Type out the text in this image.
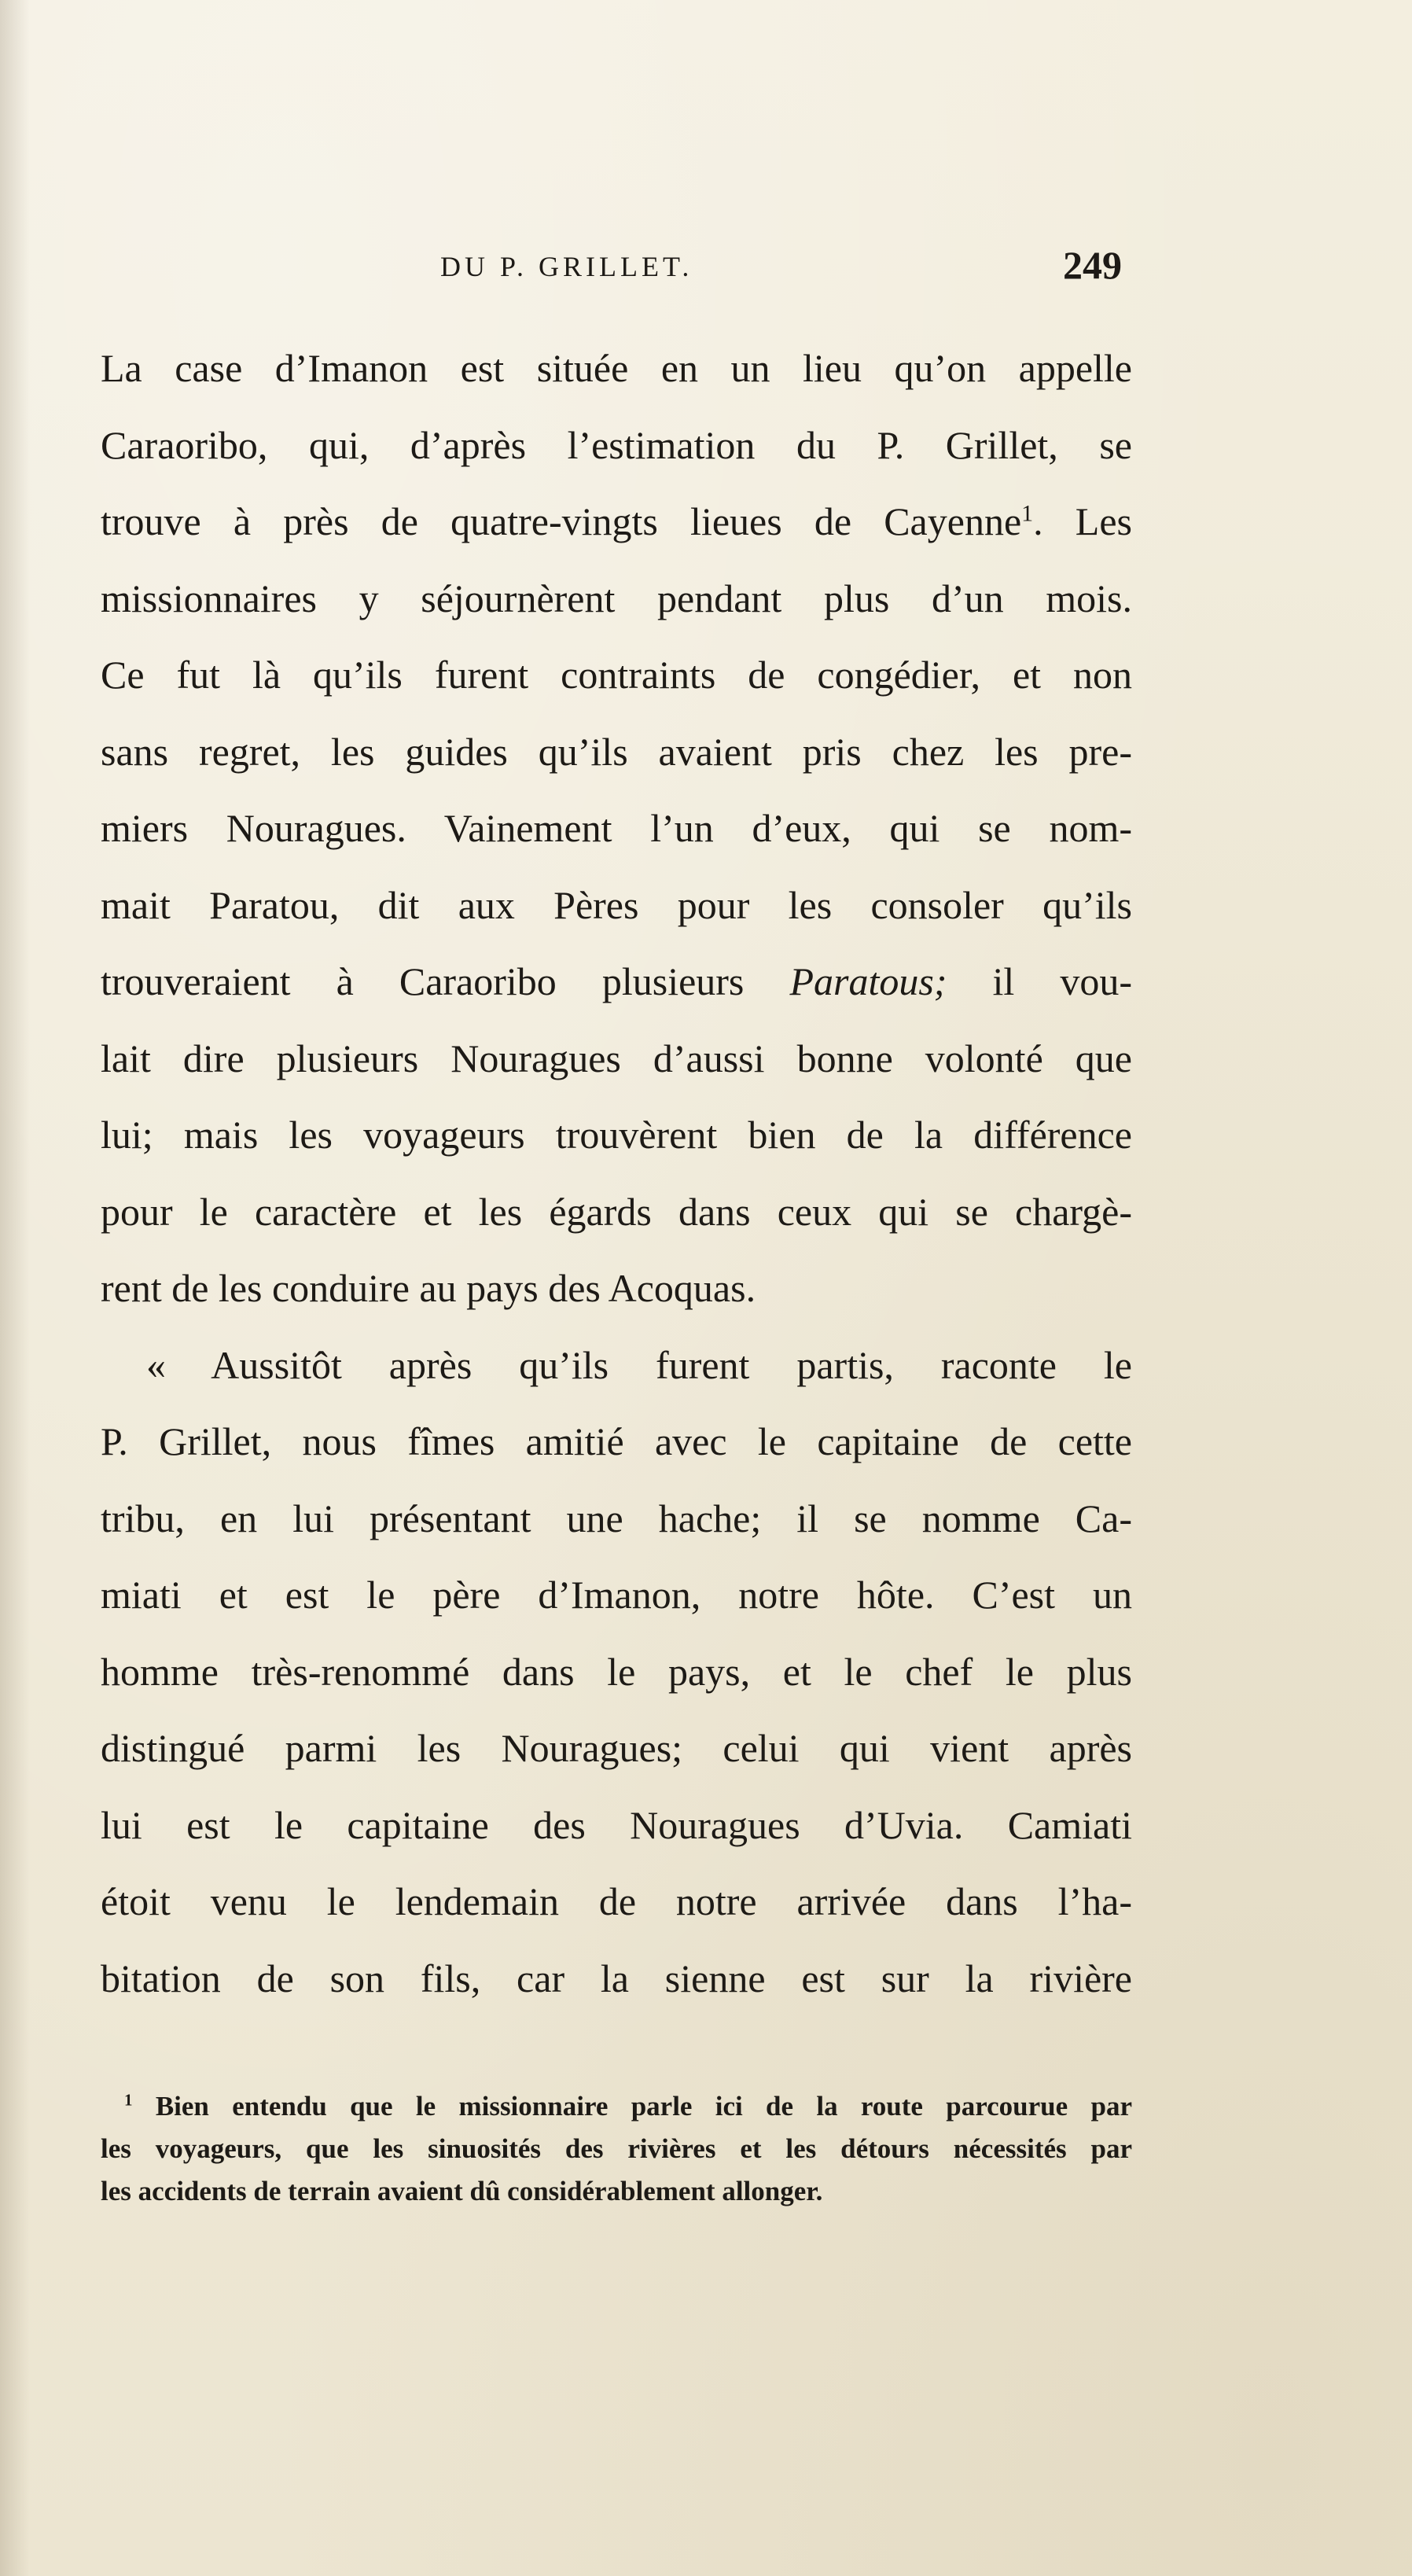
DU P. GRILLET.	249
La case d’Imanon est située en un lieu qu’on appelle
Caraoribo, qui, d’après l’estimation du P. Grillet, se
trouve à près de quatre-vingts lieues de Cayenne$^1$. Les
missionnaires y séjournèrent pendant plus d’un mois.
Ce fut là qu’ils furent contraints de congédier, et non
sans regret, les guides qu’ils avaient pris chez les pre-
miers Nouragues. Vainement l’un d’eux, qui se nom-
mait Paratou, dit aux Pères pour les consoler qu’ils
trouveraient à Caraoribo plusieurs Paratous; il vou-
lait dire plusieurs Nouragues d’aussi bonne volonté que
lui; mais les voyageurs trouvèrent bien de la différence
pour le caractère et les égards dans ceux qui se chargè-
rent de les conduire au pays des Acoquas.
« Aussitôt après qu’ils furent partis, raconte le
P. Grillet, nous fîmes amitié avec le capitaine de cette
tribu, en lui présentant une hache; il se nomme Ca-
miati et est le père d’Imanon, notre hôte. C’est un
homme très-renommé dans le pays, et le chef le plus
distingué parmi les Nouragues; celui qui vient après
lui est le capitaine des Nouragues d’Uvia. Camiati
étoit venu le lendemain de notre arrivée dans l’ha-
bitation de son fils, car la sienne est sur la rivière
$^1$ Bien entendu que le missionnaire parle ici de la route parcourue par
les voyageurs, que les sinuosités des rivières et les détours nécessités par
les accidents de terrain avaient dû considérablement allonger.
